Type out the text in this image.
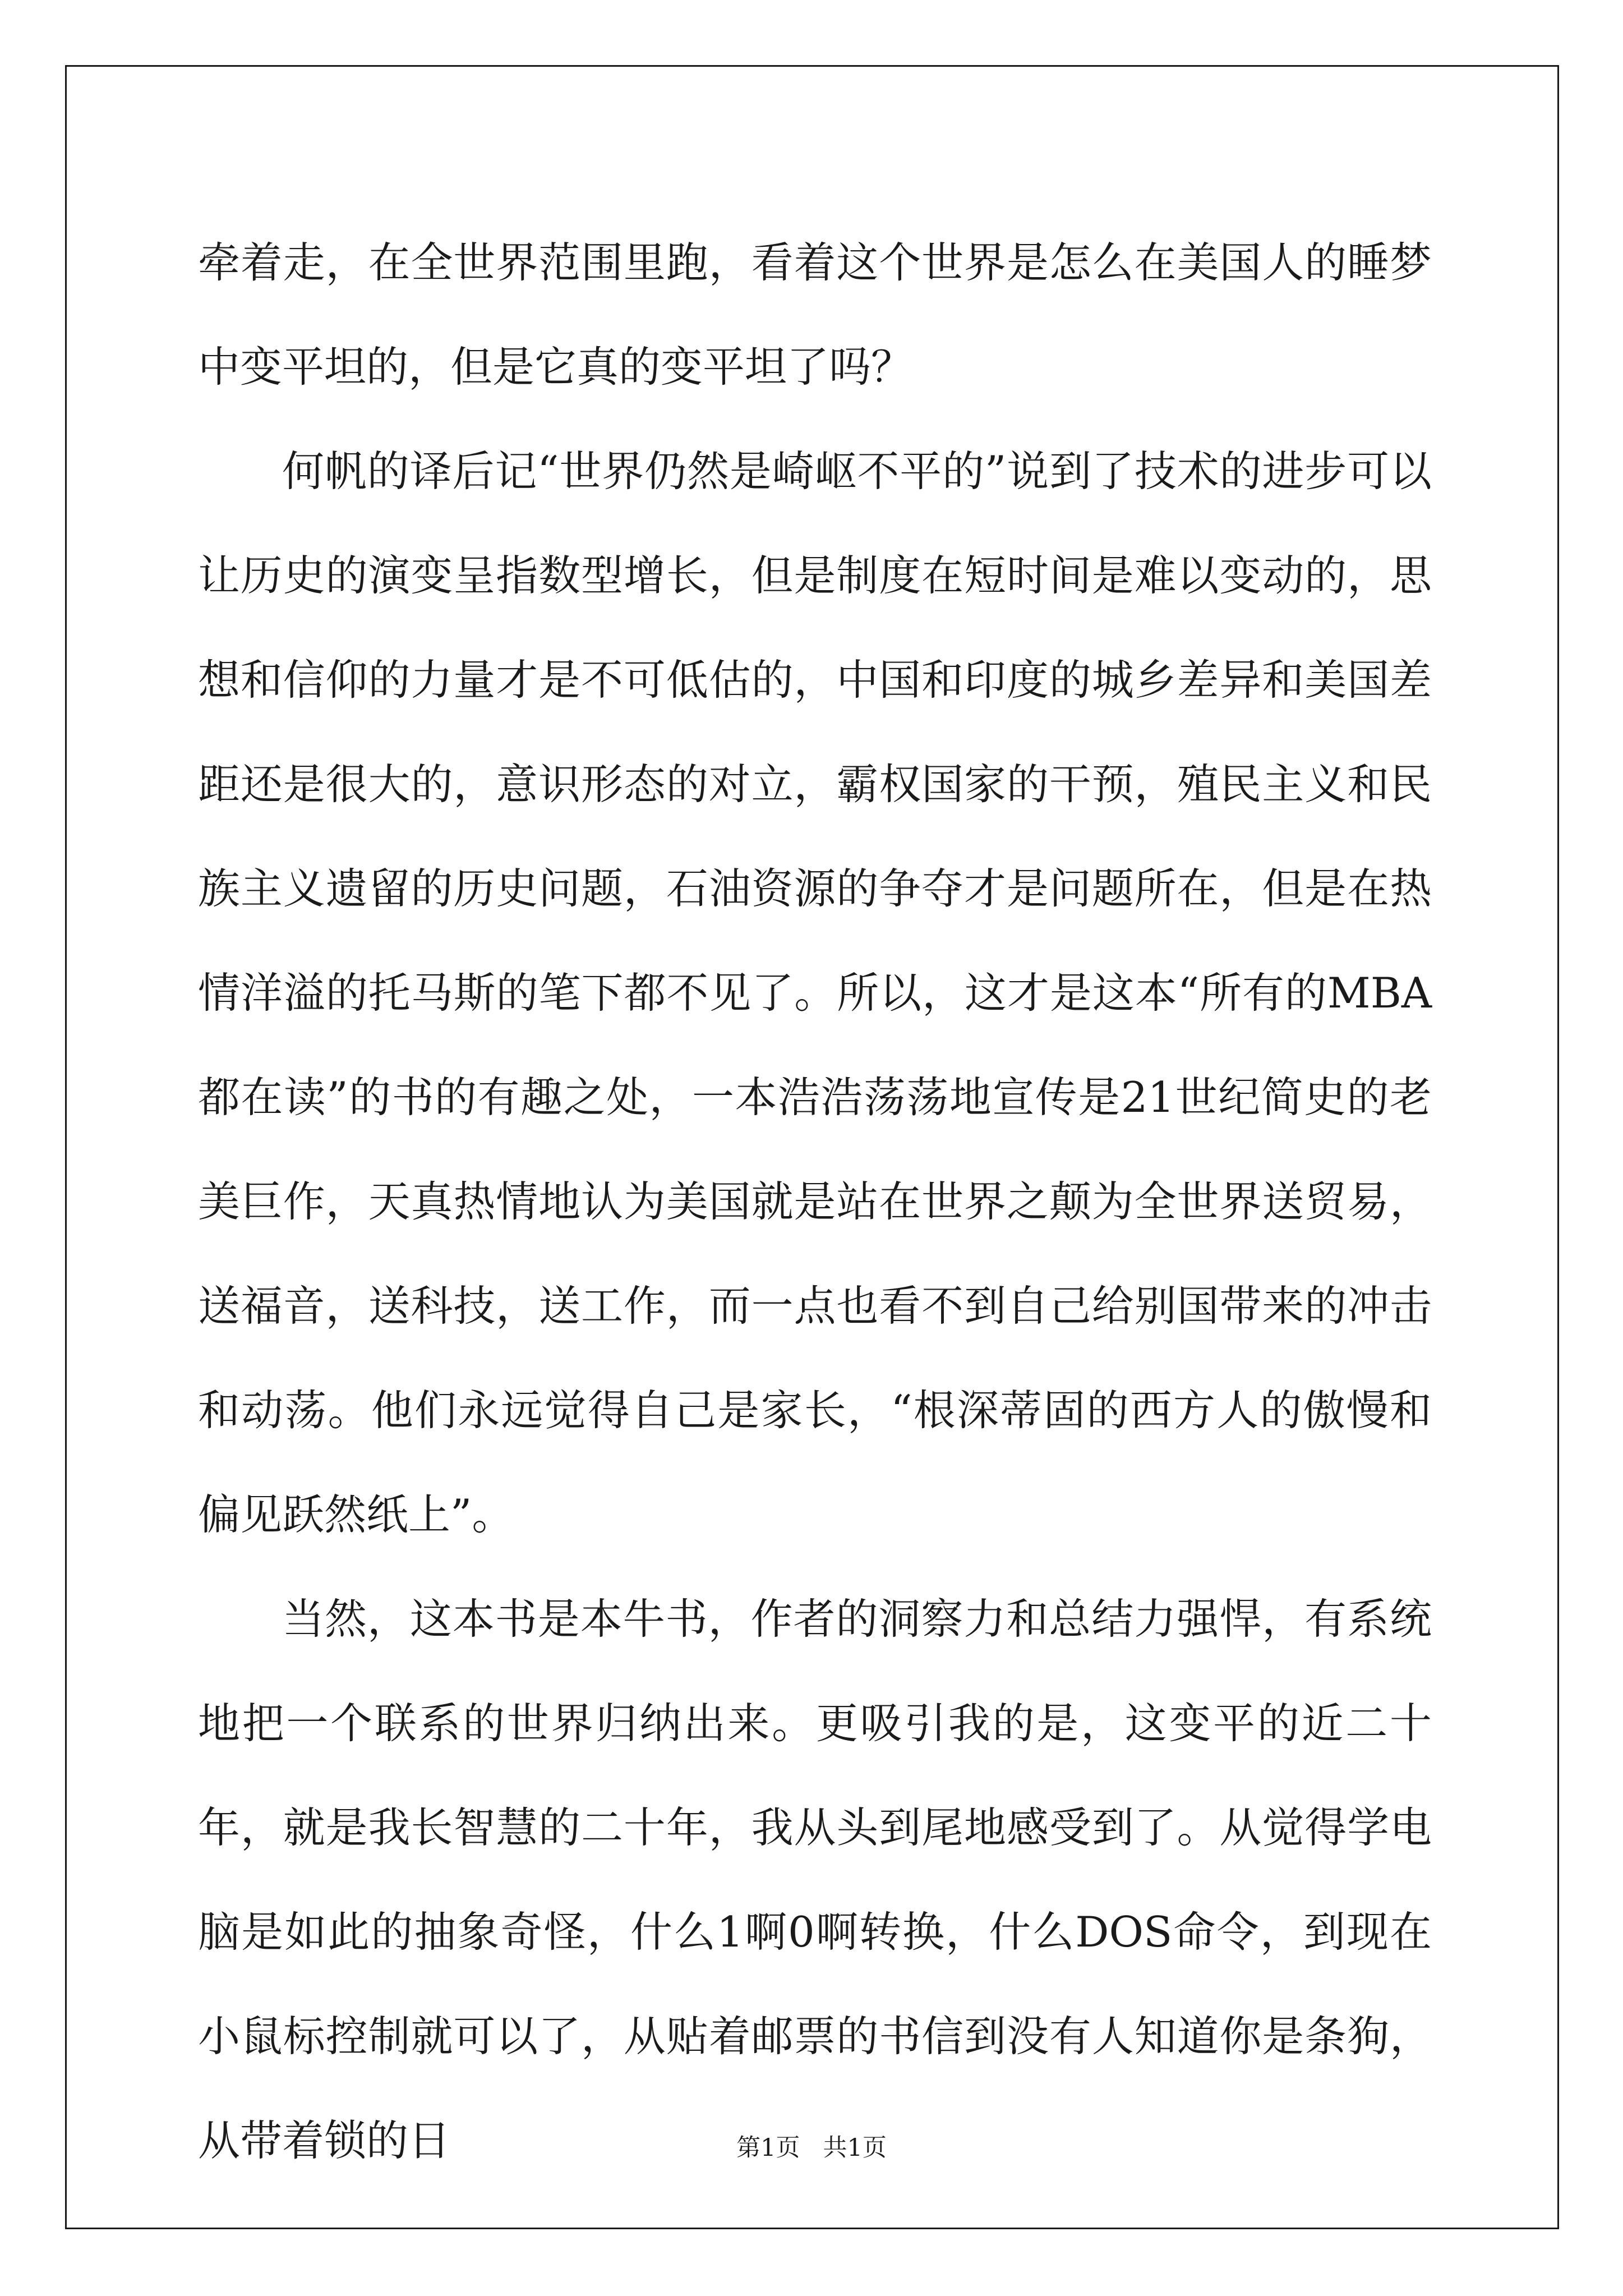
牵着走，在全世界范围里跑，看着这个世界是怎么在美国人的睡梦中变平坦的，但是它真的变平坦了吗？

何帆的译后记“世界仍然是崎岖不平的”说到了技术的进步可以让历史的演变呈指数型增长，但是制度在短时间是难以变动的，思想和信仰的力量才是不可低估的，中国和印度的城乡差异和美国差距还是很大的，意识形态的对立，霸权国家的干预，殖民主义和民族主义遗留的历史问题，石油资源的争夺才是问题所在，但是在热情洋溢的托马斯的笔下都不见了。所以，这才是这本“所有的MBA都在读”的书的有趣之处，一本浩浩荡荡地宣传是21世纪简史的老美巨作，天真热情地认为美国就是站在世界之颠为全世界送贸易，送福音，送科技，送工作，而一点也看不到自己给别国带来的冲击和动荡。他们永远觉得自己是家长，“根深蒂固的西方人的傲慢和偏见跃然纸上”。

当然，这本书是本牛书，作者的洞察力和总结力强悍，有系统地把一个联系的世界归纳出来。更吸引我的是，这变平的近二十年，就是我长智慧的二十年，我从头到尾地感受到了。从觉得学电脑是如此的抽象奇怪，什么1啊0啊转换，什么DOS命令，到现在小鼠标控制就可以了，从贴着邮票的书信到没有人知道你是条狗，从带着锁的日	第1页   共1页
